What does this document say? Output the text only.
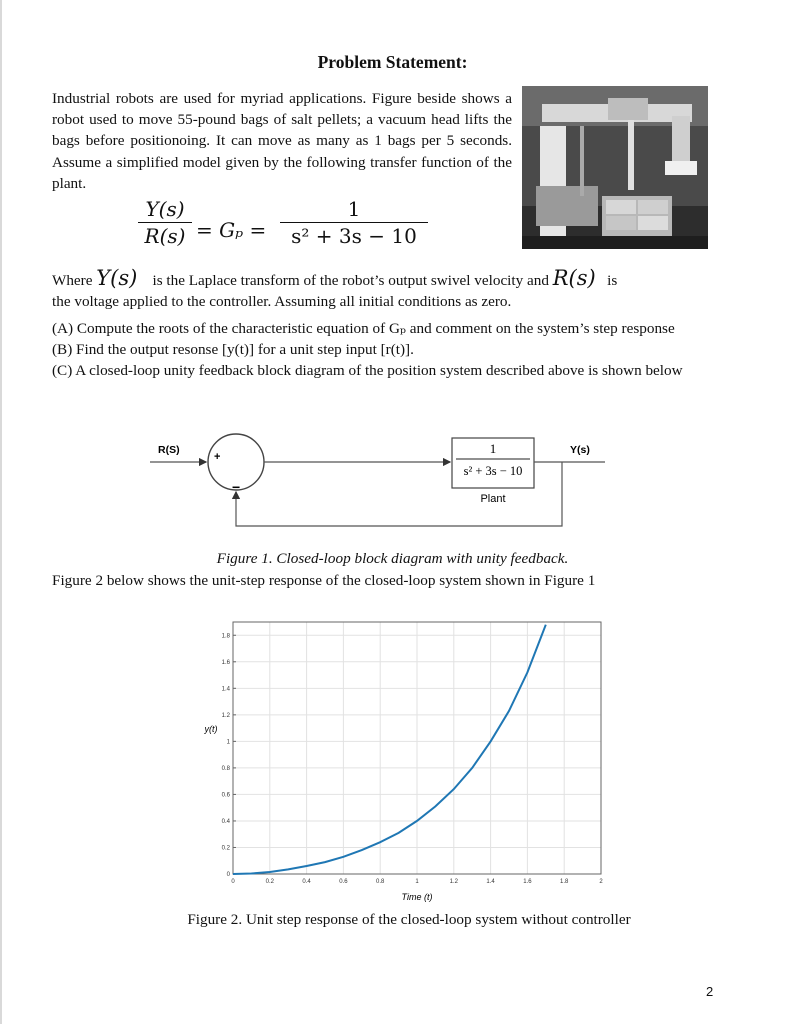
Problem Statement:
Industrial robots are used for myriad applications. Figure beside shows a robot used to move 55-pound bags of salt pellets; a vacuum head lifts the bags before positionoing. It can move as many as 1 bags per 5 seconds. Assume a simplified model given by the following transfer function of the plant.
$\frac{Y(s)}{R(s)} = G_p = \frac{1}{\text{s² + 3s − 10}}$
Where Y(s) is the Laplace transform of the robot’s output swivel velocity and R(s) is
the voltage applied to the controller. Assuming all initial conditions as zero.
(A) Compute the roots of the characteristic equation of Gₚ and comment on the system’s step response
(B) Find the output resonse [y(t)] for a unit step input [r(t)].
(C) A closed-loop unity feedback block diagram of the position system described above is shown below
+
−
1
s² + 3s − 10
Plant
R(S)	Y(s)
Figure 1. Closed-loop block diagram with unity feedback.
Figure 2 below shows the unit-step response of the closed-loop system shown in Figure 1
0	0.2	0.4	0.6	0.8	1	1.2	1.4	1.6	1.8	2
0
0.2
0.4
0.6
0.8
1
1.2
1.4
1.6
1.8
Time (t)
y(t)
Figure 2. Unit step response of the closed-loop system without controller
2
